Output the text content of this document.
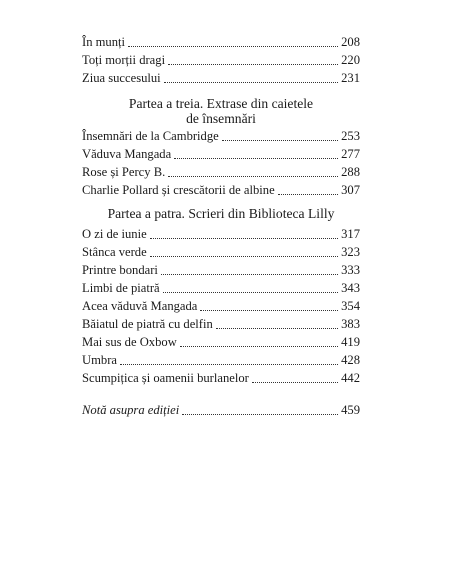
În munți	208
Toți morții dragi	220
Ziua succesului	231
Partea a treia. Extrase din caietele
de însemnări
Însemnări de la Cambridge	253
Văduva Mangada	277
Rose și Percy B.	288
Charlie Pollard și crescătorii de albine	307
Partea a patra. Scrieri din Biblioteca Lilly
O zi de iunie	317
Stânca verde	323
Printre bondari	333
Limbi de piatră	343
Acea văduvă Mangada	354
Băiatul de piatră cu delfin	383
Mai sus de Oxbow	419
Umbra	428
Scumpițica și oamenii burlanelor	442
Notă asupra ediției	459
